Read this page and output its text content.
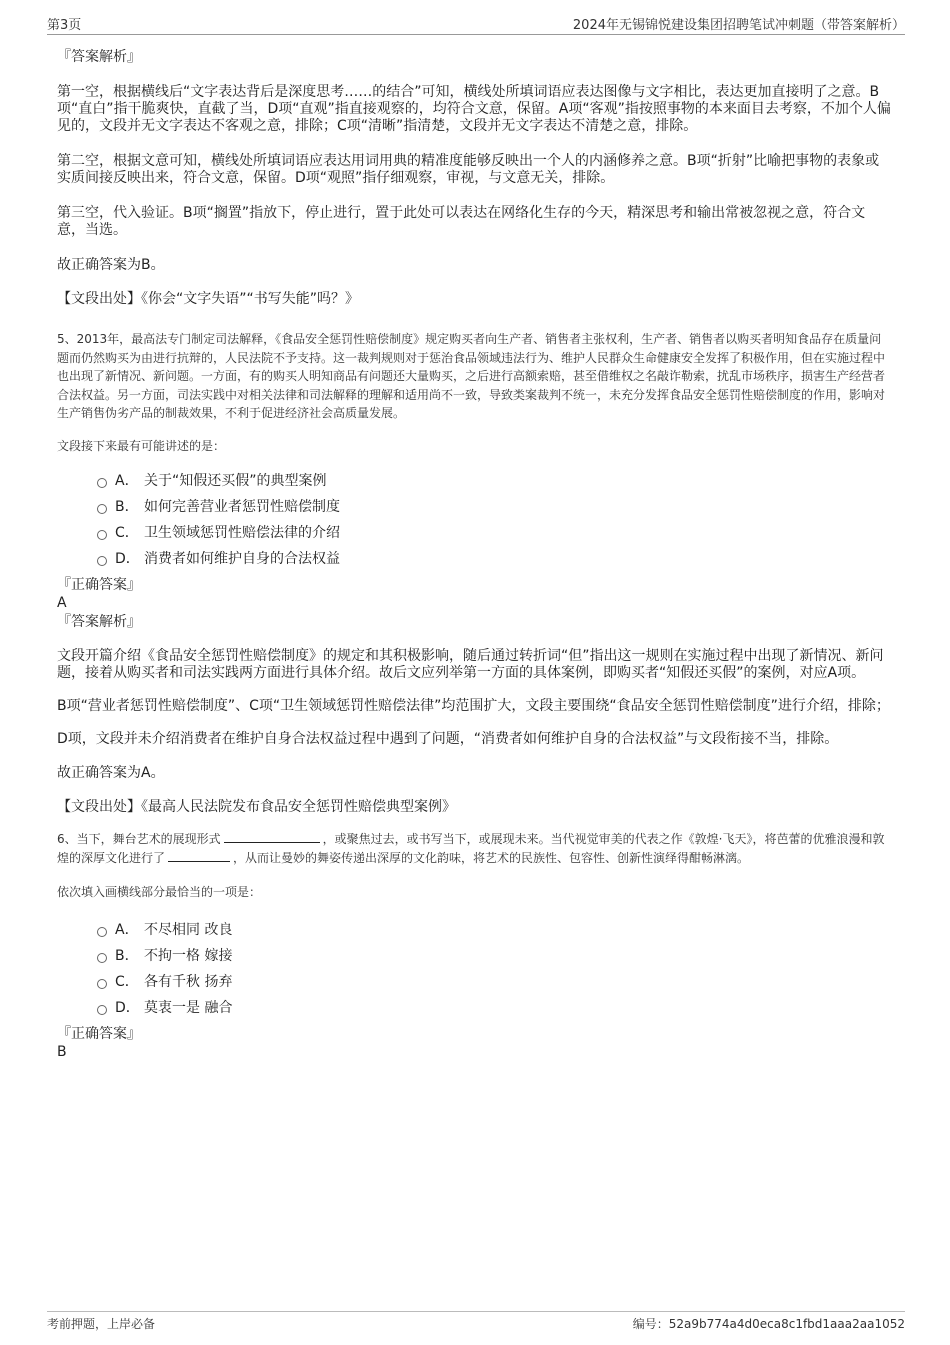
第3页	2024年无锡锦悦建设集团招聘笔试冲刺题（带答案解析）

『答案解析』

第一空，根据横线后“文字表达背后是深度思考……的结合”可知，横线处所填词语应表达图像与文字相比，表达更加直接明了之意。B项“直白”指干脆爽快，直截了当，D项“直观”指直接观察的，均符合文意，保留。A项“客观”指按照事物的本来面目去考察，不加个人偏见的，文段并无文字表达不客观之意，排除；C项“清晰”指清楚，文段并无文字表达不清楚之意，排除。

第二空，根据文意可知，横线处所填词语应表达用词用典的精准度能够反映出一个人的内涵修养之意。B项“折射”比喻把事物的表象或实质间接反映出来，符合文意，保留。D项“观照”指仔细观察，审视，与文意无关，排除。

第三空，代入验证。B项“搁置”指放下，停止进行，置于此处可以表达在网络化生存的今天，精深思考和输出常被忽视之意，符合文意，当选。

故正确答案为B。

【文段出处】《你会“文字失语”“书写失能”吗？》

5、2013年，最高法专门制定司法解释，《食品安全惩罚性赔偿制度》规定购买者向生产者、销售者主张权利，生产者、销售者以购买者明知食品存在质量问题而仍然购买为由进行抗辩的，人民法院不予支持。这一裁判规则对于惩治食品领域违法行为、维护人民群众生命健康安全发挥了积极作用，但在实施过程中也出现了新情况、新问题。一方面，有的购买人明知商品有问题还大量购买，之后进行高额索赔，甚至借维权之名敲诈勒索，扰乱市场秩序，损害生产经营者合法权益。另一方面，司法实践中对相关法律和司法解释的理解和适用尚不一致，导致类案裁判不统一，未充分发挥食品安全惩罚性赔偿制度的作用，影响对生产销售伪劣产品的制裁效果，不利于促进经济社会高质量发展。

文段接下来最有可能讲述的是：

A． 关于“知假还买假”的典型案例
B． 如何完善营业者惩罚性赔偿制度
C． 卫生领域惩罚性赔偿法律的介绍
D． 消费者如何维护自身的合法权益

『正确答案』

A

『答案解析』

文段开篇介绍《食品安全惩罚性赔偿制度》的规定和其积极影响，随后通过转折词“但”指出这一规则在实施过程中出现了新情况、新问题，接着从购买者和司法实践两方面进行具体介绍。故后文应列举第一方面的具体案例，即购买者“知假还买假”的案例，对应A项。

B项“营业者惩罚性赔偿制度”、C项“卫生领域惩罚性赔偿法律”均范围扩大，文段主要围绕“食品安全惩罚性赔偿制度”进行介绍，排除；

D项，文段并未介绍消费者在维护自身合法权益过程中遇到了问题，“消费者如何维护自身的合法权益”与文段衔接不当，排除。

故正确答案为A。

【文段出处】《最高人民法院发布食品安全惩罚性赔偿典型案例》

6、当下，舞台艺术的展现形式	，或聚焦过去，或书写当下，或展现未来。当代视觉审美的代表之作《敦煌·飞天》，将芭蕾的优雅浪漫和敦煌的深厚文化进行了	，从而让曼妙的舞姿传递出深厚的文化韵味，将艺术的民族性、包容性、创新性演绎得酣畅淋漓。

依次填入画横线部分最恰当的一项是：

A． 不尽相同 改良
B． 不拘一格 嫁接
C． 各有千秋 扬弃
D． 莫衷一是 融合

『正确答案』

B

考前押题，上岸必备	编号：52a9b774a4d0eca8c1fbd1aaa2aa1052
